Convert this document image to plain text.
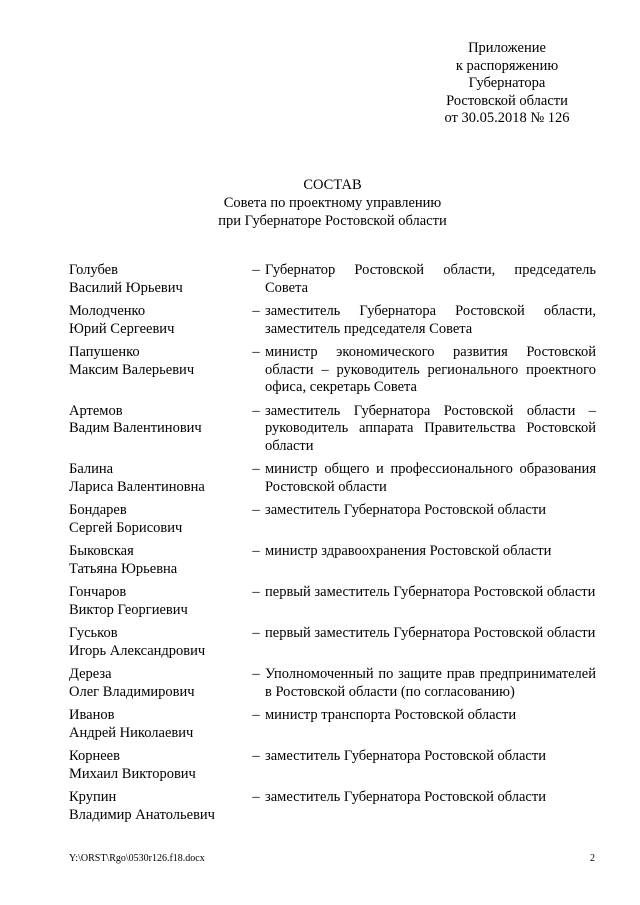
Приложение
к распоряжению
Губернатора
Ростовской области
от 30.05.2018 № 126
СОСТАВ
Совета по проектному управлению
при Губернаторе Ростовской области
Голубев
Василий Юрьевич
– Губернатор Ростовской области, председатель Совета
Молодченко
Юрий Сергеевич
– заместитель Губернатора Ростовской области, заместитель председателя Совета
Папушенко
Максим Валерьевич
– министр экономического развития Ростовской области – руководитель регионального проектного офиса, секретарь Совета
Артемов
Вадим Валентинович
– заместитель Губернатора Ростовской области – руководитель аппарата Правительства Ростовской области
Балина
Лариса Валентиновна
– министр общего и профессионального образования Ростовской области
Бондарев
Сергей Борисович
– заместитель Губернатора Ростовской области
Быковская
Татьяна Юрьевна
– министр здравоохранения Ростовской области
Гончаров
Виктор Георгиевич
– первый заместитель Губернатора Ростовской области
Гуськов
Игорь Александрович
– первый заместитель Губернатора Ростовской области
Дереза
Олег Владимирович
– Уполномоченный по защите прав предпринимателей в Ростовской области (по согласованию)
Иванов
Андрей Николаевич
– министр транспорта Ростовской области
Корнеев
Михаил Викторович
– заместитель Губернатора Ростовской области
Крупин
Владимир Анатольевич
– заместитель Губернатора Ростовской области
Y:\ORST\Rgo\0530r126.f18.docx	2
